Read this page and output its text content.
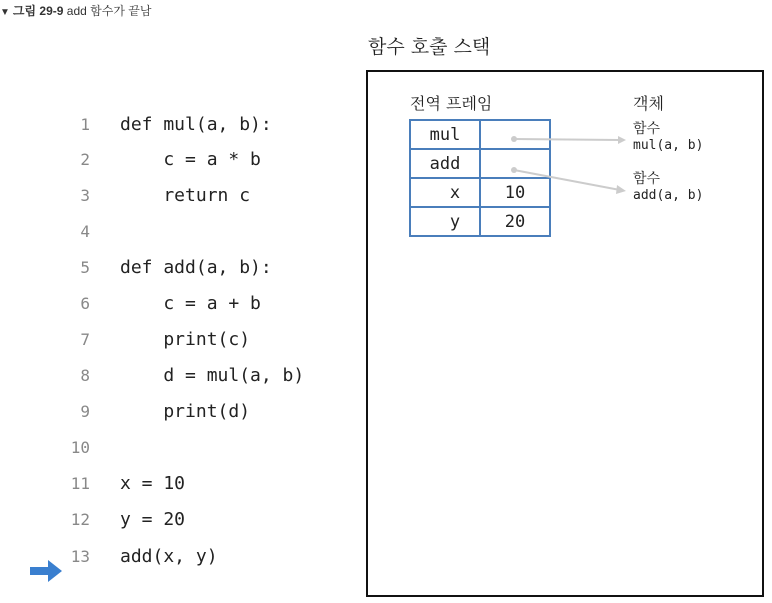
▼ 그림 29-9 add 함수가 끝남
1 def mul(a, b):
2 c = a * b
3 return c
4
5 def add(a, b):
6 c = a + b
7 print(c)
8 d = mul(a, b)
9 print(d)
10
11 x = 10
12 y = 20
13 add(x, y)
함수 호출 스택
전역 프레임	객체
mul	
add	
x	10
y	20
함수
mul(a, b)
함수
add(a, b)
